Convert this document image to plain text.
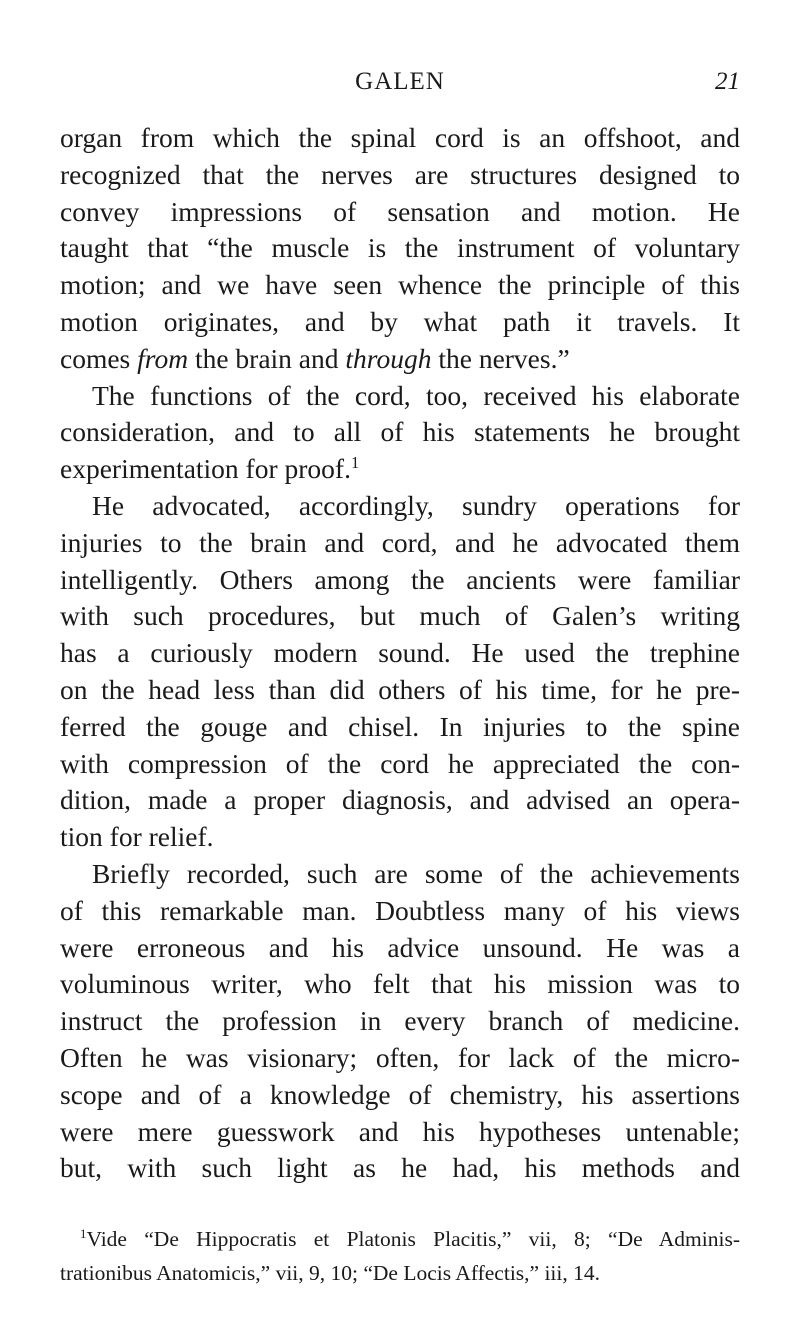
GALEN	21
organ from which the spinal cord is an offshoot, and
recognized that the nerves are structures designed to
convey impressions of sensation and motion. He
taught that “the muscle is the instrument of voluntary
motion; and we have seen whence the principle of this
motion originates, and by what path it travels. It
comes from the brain and through the nerves.”
The functions of the cord, too, received his elaborate
consideration, and to all of his statements he brought
experimentation for proof.$^1$
He advocated, accordingly, sundry operations for
injuries to the brain and cord, and he advocated them
intelligently. Others among the ancients were familiar
with such procedures, but much of Galen’s writing
has a curiously modern sound. He used the trephine
on the head less than did others of his time, for he pre-
ferred the gouge and chisel. In injuries to the spine
with compression of the cord he appreciated the con-
dition, made a proper diagnosis, and advised an opera-
tion for relief.
Briefly recorded, such are some of the achievements
of this remarkable man. Doubtless many of his views
were erroneous and his advice unsound. He was a
voluminous writer, who felt that his mission was to
instruct the profession in every branch of medicine.
Often he was visionary; often, for lack of the micro-
scope and of a knowledge of chemistry, his assertions
were mere guesswork and his hypotheses untenable;
but, with such light as he had, his methods and
$^1$Vide “De Hippocratis et Platonis Placitis,” vii, 8; “De Adminis-
trationibus Anatomicis,” vii, 9, 10; “De Locis Affectis,” iii, 14.
